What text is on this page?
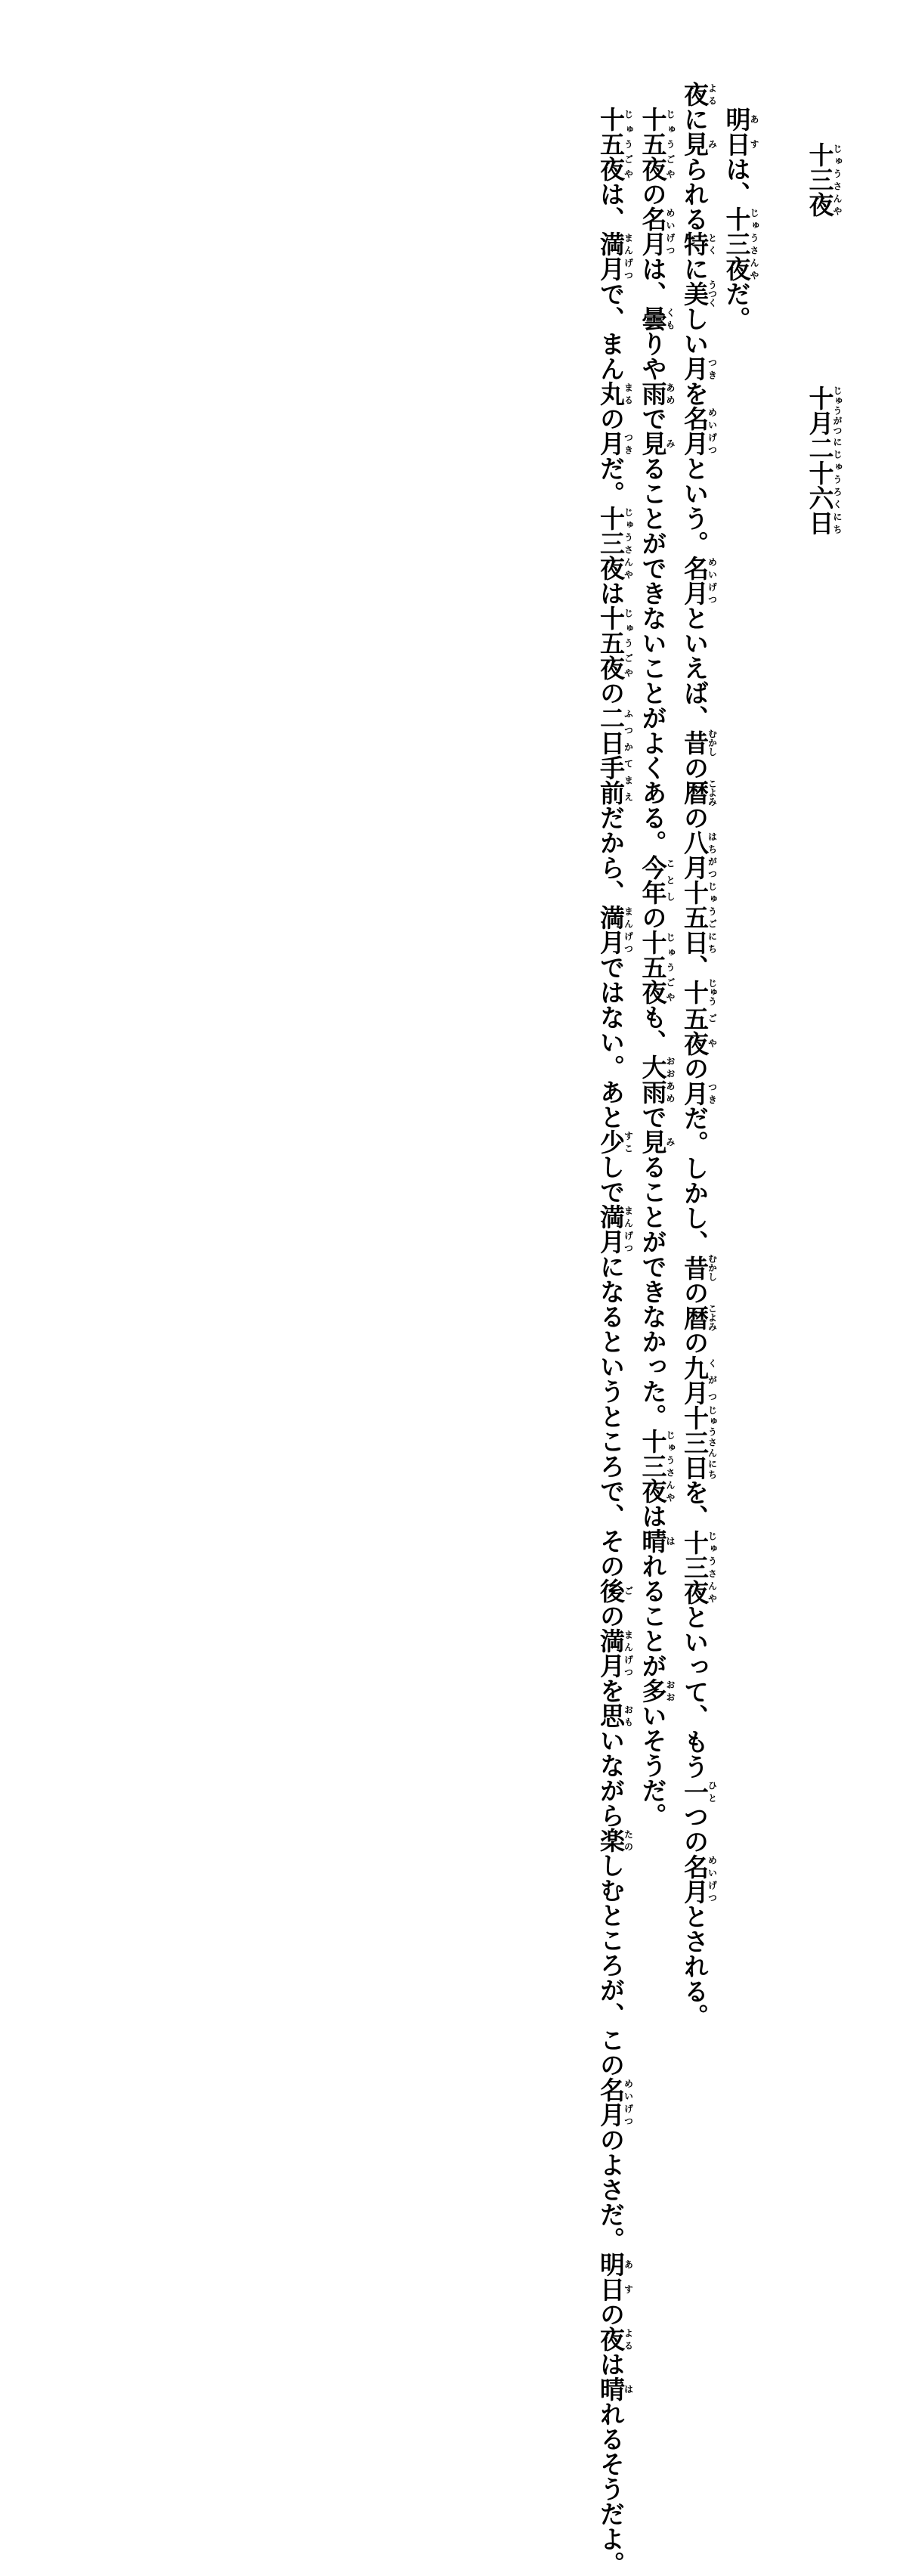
十三夜じゅうさんや
十月じゅうがつ二十六日にじゅうろくにち

明日あすは、十三夜じゅうさんやだ。

夜よるに見みられる特とくに美うつくしい月つきを名月めいげつという。名月めいげつといえば、昔むかしの暦こよみの八月はちがつ十五日じゅうごにち、十じゅう五夜ごやの月つきだ。しかし、昔むかしの暦こよみの九月くがつ十三日じゅうさんにちを、十三夜じゅうさんやといって、もう一ひとつの名月めいげつとされる。

十五夜じゅうごやの名月めいげつは、曇くもりや雨あめで見みることができないことがよくある。今年ことしの十五夜じゅうごやも、大雨おおあめで見みることができなかった。十三夜じゅうさんやは晴はれることが多おおいそうだ。

十五夜じゅうごやは、満月まんげつで、まん丸まるの月つきだ。十三夜じゅうさんやは十五夜じゅうごやの二日ふつか手前てまえだから、満月まんげつではない。あと少すこしで満月まんげつになるというところで、その後ごの満月まんげつを思おもいながら楽たのしむところが、この名月めいげつのよさだ。明日あすの夜よるは晴はれるそうだよ。
